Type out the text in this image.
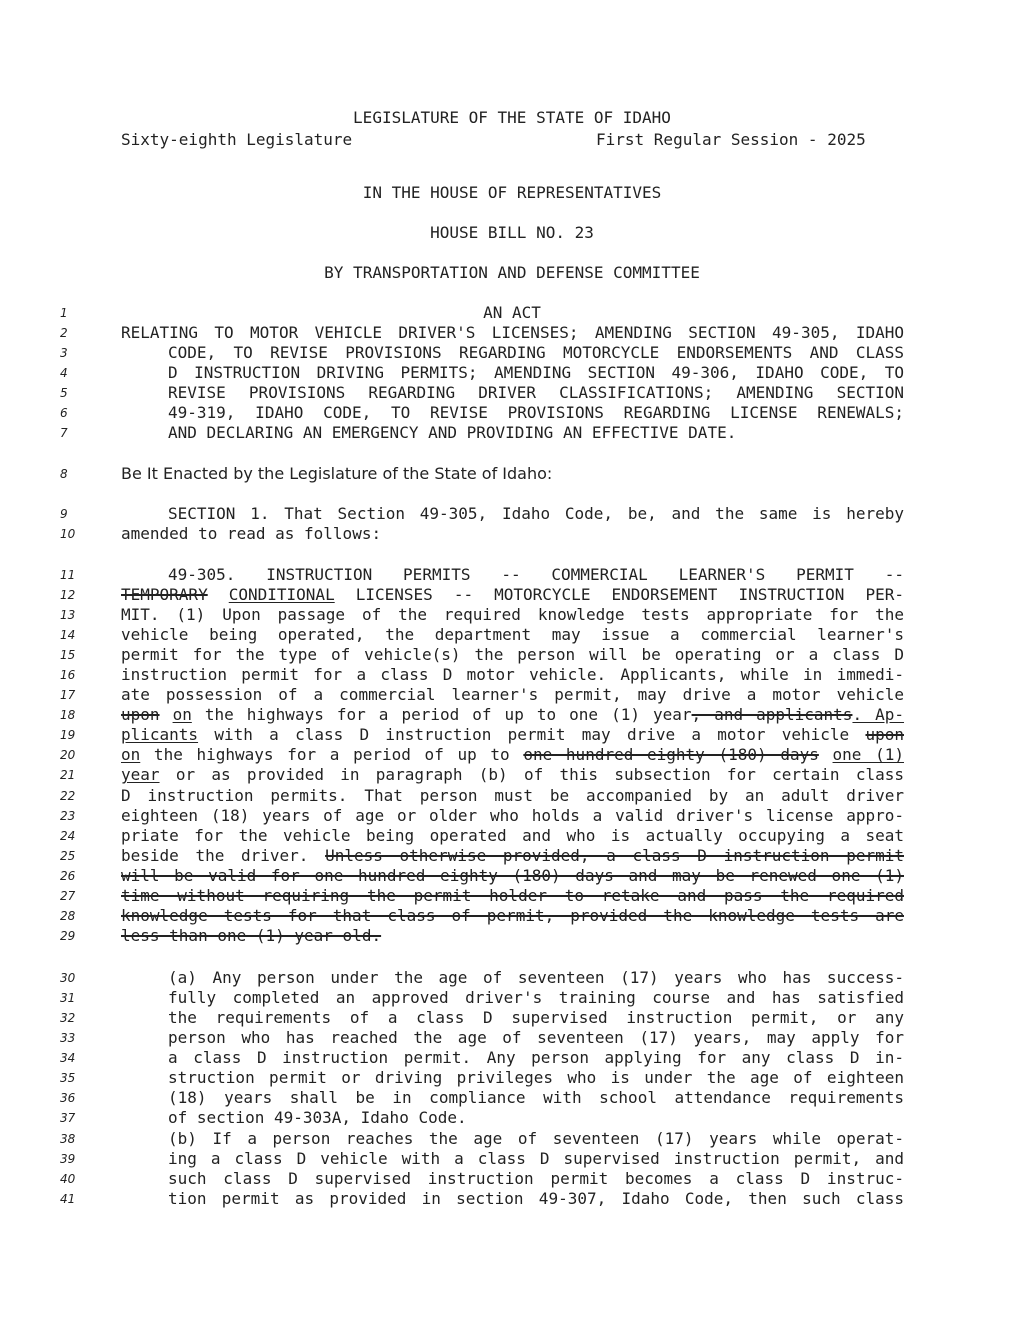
LEGISLATURE OF THE STATE OF IDAHO
Sixty-eighth Legislature	First Regular Session - 2025
IN THE HOUSE OF REPRESENTATIVES
HOUSE BILL NO. 23
BY TRANSPORTATION AND DEFENSE COMMITTEE
1	AN ACT
2	RELATING TO MOTOR VEHICLE DRIVER'S LICENSES; AMENDING SECTION 49-305, IDAHO
3	CODE, TO REVISE PROVISIONS REGARDING MOTORCYCLE ENDORSEMENTS AND CLASS
4	D INSTRUCTION DRIVING PERMITS; AMENDING SECTION 49-306, IDAHO CODE, TO
5	REVISE PROVISIONS REGARDING DRIVER CLASSIFICATIONS; AMENDING SECTION
6	49-319, IDAHO CODE, TO REVISE PROVISIONS REGARDING LICENSE RENEWALS;
7	AND DECLARING AN EMERGENCY AND PROVIDING AN EFFECTIVE DATE.
8	Be It Enacted by the Legislature of the State of Idaho:
9	SECTION 1. That Section 49-305, Idaho Code, be, and the same is hereby
10	amended to read as follows:
11	49-305. INSTRUCTION PERMITS -- COMMERCIAL LEARNER'S PERMIT --
12	TEMPORARY CONDITIONAL LICENSES -- MOTORCYCLE ENDORSEMENT INSTRUCTION PER-
13	MIT. (1) Upon passage of the required knowledge tests appropriate for the
14	vehicle being operated, the department may issue a commercial learner's
15	permit for the type of vehicle(s) the person will be operating or a class D
16	instruction permit for a class D motor vehicle. Applicants, while in immedi-
17	ate possession of a commercial learner's permit, may drive a motor vehicle
18	upon on the highways for a period of up to one (1) year, and applicants. Ap-
19	plicants with a class D instruction permit may drive a motor vehicle upon
20	on the highways for a period of up to one hundred eighty (180) days one (1)
21	year or as provided in paragraph (b) of this subsection for certain class
22	D instruction permits. That person must be accompanied by an adult driver
23	eighteen (18) years of age or older who holds a valid driver's license appro-
24	priate for the vehicle being operated and who is actually occupying a seat
25	beside the driver. Unless otherwise provided, a class D instruction permit
26	will be valid for one hundred eighty (180) days and may be renewed one (1)
27	time without requiring the permit holder to retake and pass the required
28	knowledge tests for that class of permit, provided the knowledge tests are
29	less than one (1) year old.
30	(a) Any person under the age of seventeen (17) years who has success-
31	fully completed an approved driver's training course and has satisfied
32	the requirements of a class D supervised instruction permit, or any
33	person who has reached the age of seventeen (17) years, may apply for
34	a class D instruction permit. Any person applying for any class D in-
35	struction permit or driving privileges who is under the age of eighteen
36	(18) years shall be in compliance with school attendance requirements
37	of section 49-303A, Idaho Code.
38	(b) If a person reaches the age of seventeen (17) years while operat-
39	ing a class D vehicle with a class D supervised instruction permit, and
40	such class D supervised instruction permit becomes a class D instruc-
41	tion permit as provided in section 49-307, Idaho Code, then such class
